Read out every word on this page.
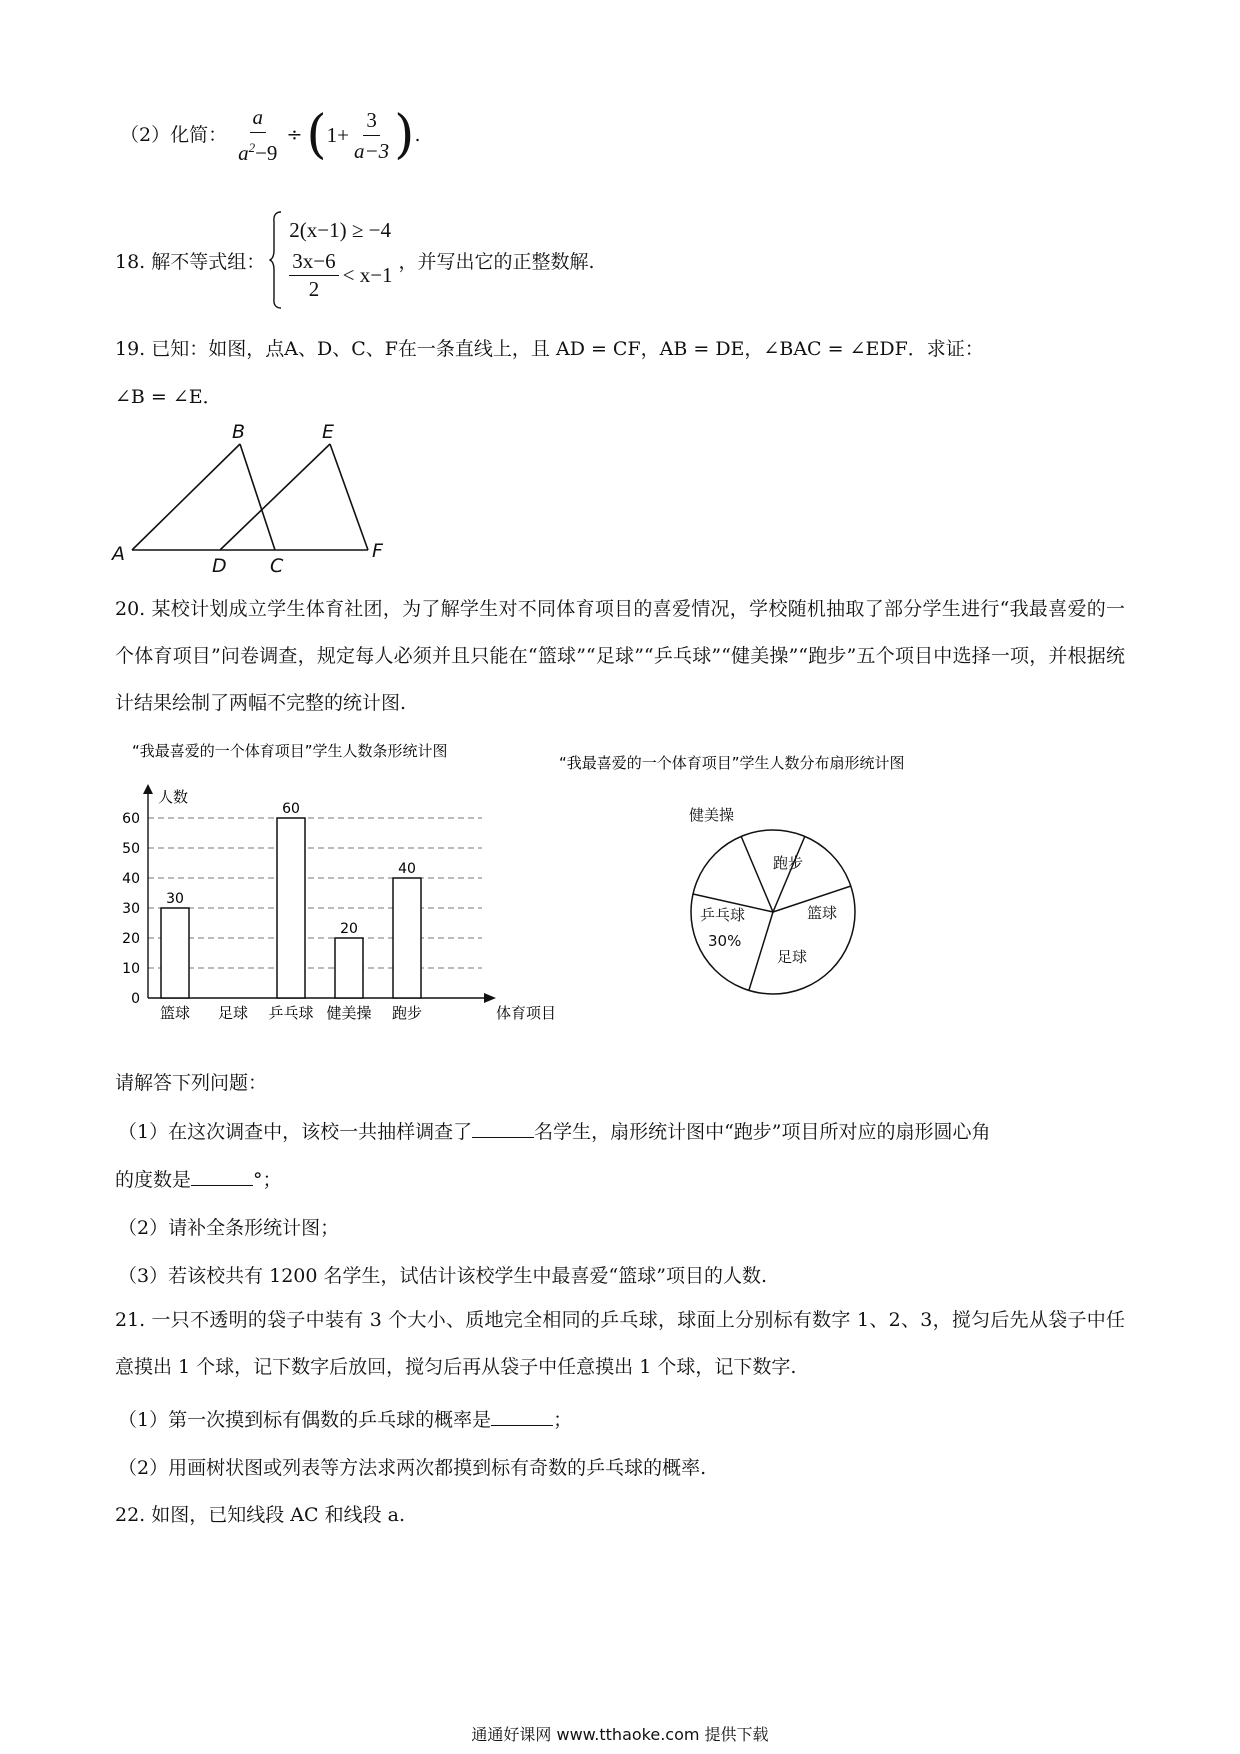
（2）化简： $\frac{a}{a^2-9}$ ÷ ( $1+ \frac{3}{a-3}$ ) .
18. 解不等式组：
2(x−1) ≥ −4
$\frac{3x-6}{2} < x-1$
，并写出它的正整数解.
19. 已知：如图，点A、D、C、F在一条直线上，且 AD = CF，AB = DE，∠BAC = ∠EDF．求证：
∠B = ∠E．
A
B
C
D
E
F
20. 某校计划成立学生体育社团，为了解学生对不同体育项目的喜爱情况，学校随机抽取了部分学生进行“我最喜爱的一个体育项目”问卷调查，规定每人必须并且只能在“篮球”“足球”“乒乓球”“健美操”“跑步”五个项目中选择一项，并根据统计结果绘制了两幅不完整的统计图.
“我最喜爱的一个体育项目”学生人数条形统计图
人数
体育项目
0
10
20
30
40
50
60
30
60
20
40
篮球 足球 乒乓球 健美操 跑步
“我最喜爱的一个体育项目”学生人数分布扇形统计图
健美操
跑步
篮球
足球
乒乓球
30%
请解答下列问题：
（1）在这次调查中，该校一共抽样调查了	名学生，扇形统计图中“跑步”项目所对应的扇形圆心角
的度数是	°；
（2）请补全条形统计图；
（3）若该校共有 1200 名学生，试估计该校学生中最喜爱“篮球”项目的人数.
21. 一只不透明的袋子中装有 3 个大小、质地完全相同的乒乓球，球面上分别标有数字 1、2、3，搅匀后先从袋子中任意摸出 1 个球，记下数字后放回，搅匀后再从袋子中任意摸出 1 个球，记下数字.
（1）第一次摸到标有偶数的乒乓球的概率是	；
（2）用画树状图或列表等方法求两次都摸到标有奇数的乒乓球的概率.
22. 如图，已知线段 AC 和线段 a.
通通好课网 www.tthaoke.com 提供下载
